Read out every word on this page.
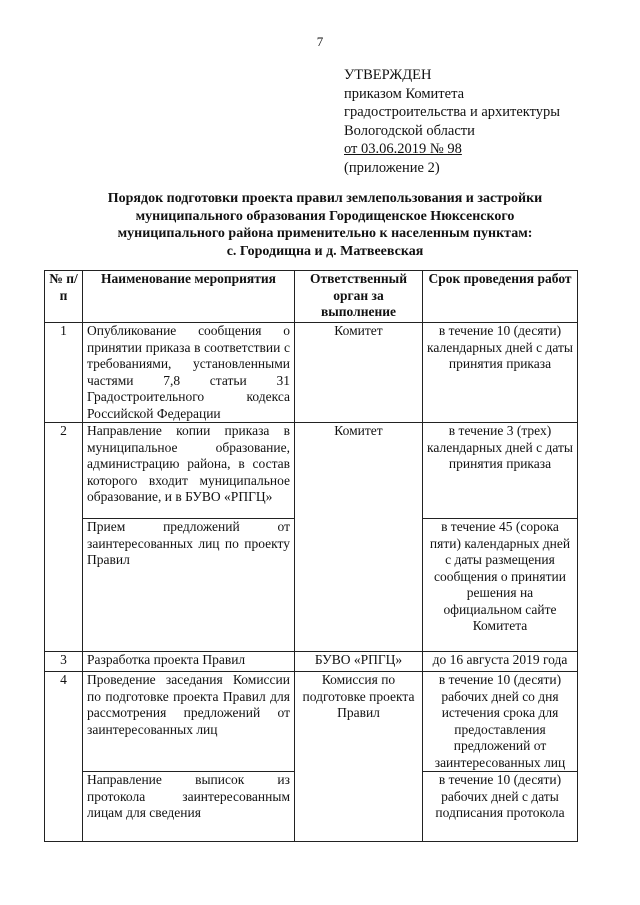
7
УТВЕРЖДЕН
приказом Комитета
градостроительства и архитектуры
Вологодской области
от 03.06.2019 № 98
(приложение 2)
Порядок подготовки проекта правил землепользования и застройки
муниципального образования Городищенское Нюксенского
муниципального района применительно к населенным пунктам:
с. Городищна и д. Матвеевская
№ п/п	Наименование мероприятия	Ответственный орган за выполнение	Срок проведения работ
1	Опубликование сообщения о принятии приказа в соответствии с требованиями, установленными частями 7,8 статьи 31 Градостроительного кодекса Российской Федерации	Комитет	в течение 10 (десяти) календарных дней с даты принятия приказа
2	Направление копии приказа в муниципальное образование, администрацию района, в состав которого входит муниципальное образование, и в БУВО «РПГЦ»	Комитет	в течение 3 (трех) календарных дней с даты принятия приказа
	Прием предложений от заинтересованных лиц по проекту Правил		в течение 45 (сорока пяти) календарных дней с даты размещения сообщения о принятии решения на официальном сайте Комитета
3	Разработка проекта Правил	БУВО «РПГЦ»	до 16 августа 2019 года
4	Проведение заседания Комиссии по подготовке проекта Правил для рассмотрения предложений от заинтересованных лиц	Комиссия по подготовке проекта Правил	в течение 10 (десяти) рабочих дней со дня истечения срока для предоставления предложений от заинтересованных лиц
	Направление выписок из протокола заинтересованным лицам для сведения		в течение 10 (десяти) рабочих дней с даты подписания протокола
